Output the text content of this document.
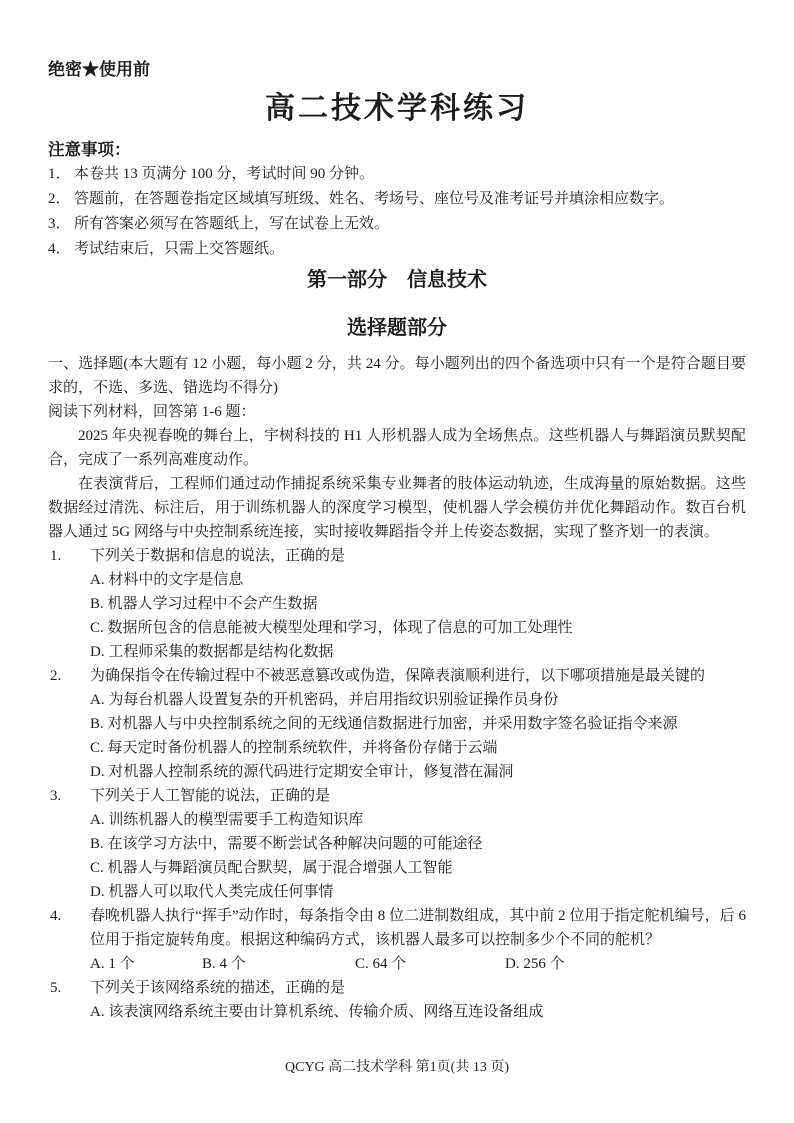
绝密★使用前
高二技术学科练习
注意事项：
1． 本卷共 13 页满分 100 分，考试时间 90 分钟。
2． 答题前，在答题卷指定区域填写班级、姓名、考场号、座位号及准考证号并填涂相应数字。
3． 所有答案必须写在答题纸上，写在试卷上无效。
4． 考试结束后，只需上交答题纸。
第一部分　信息技术
选择题部分
一、选择题(本大题有 12 小题，每小题 2 分，共 24 分。每小题列出的四个备选项中只有一个是符合题目要求的，不选、多选、错选均不得分)
阅读下列材料，回答第 1-6 题：

2025 年央视春晚的舞台上，宇树科技的 H1 人形机器人成为全场焦点。这些机器人与舞蹈演员默契配合，完成了一系列高难度动作。

在表演背后，工程师们通过动作捕捉系统采集专业舞者的肢体运动轨迹，生成海量的原始数据。这些数据经过清洗、标注后，用于训练机器人的深度学习模型，使机器人学会模仿并优化舞蹈动作。数百台机器人通过 5G 网络与中央控制系统连接，实时接收舞蹈指令并上传姿态数据，实现了整齐划一的表演。

1.	下列关于数据和信息的说法，正确的是
A. 材料中的文字是信息
B. 机器人学习过程中不会产生数据
C. 数据所包含的信息能被大模型处理和学习，体现了信息的可加工处理性
D. 工程师采集的数据都是结构化数据
2.	为确保指令在传输过程中不被恶意篡改或伪造，保障表演顺利进行，以下哪项措施是最关键的
A. 为每台机器人设置复杂的开机密码，并启用指纹识别验证操作员身份
B. 对机器人与中央控制系统之间的无线通信数据进行加密，并采用数字签名验证指令来源
C. 每天定时备份机器人的控制系统软件，并将备份存储于云端
D. 对机器人控制系统的源代码进行定期安全审计，修复潜在漏洞
3.	下列关于人工智能的说法，正确的是
A. 训练机器人的模型需要手工构造知识库
B. 在该学习方法中，需要不断尝试各种解决问题的可能途径
C. 机器人与舞蹈演员配合默契，属于混合增强人工智能
D. 机器人可以取代人类完成任何事情
4.	春晚机器人执行“挥手”动作时，每条指令由 8 位二进制数组成，其中前 2 位用于指定舵机编号，后 6 位用于指定旋转角度。根据这种编码方式，该机器人最多可以控制多少个不同的舵机？
A. 1 个	B. 4 个	C. 64 个	D. 256 个
5.	下列关于该网络系统的描述，正确的是
A. 该表演网络系统主要由计算机系统、传输介质、网络互连设备组成
QCYG 高二技术学科 第1页(共 13 页)
